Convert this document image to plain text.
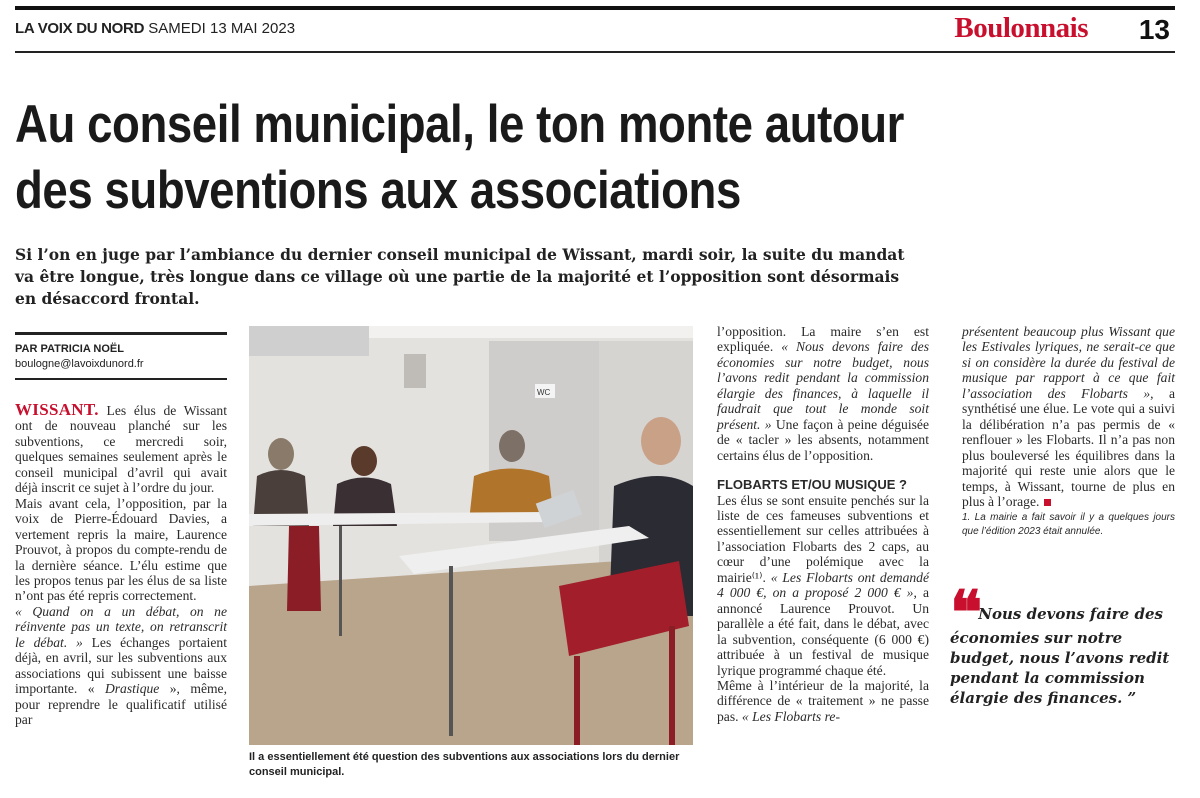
LA VOIX DU NORD SAMEDI 13 MAI 2023	Boulonnais 13
Au conseil municipal, le ton monte autour
des subventions aux associations
Si l’on en juge par l’ambiance du dernier conseil municipal de Wissant, mardi soir, la suite du mandat va être longue, très longue dans ce village où une partie de la majorité et l’opposition sont désormais en désaccord frontal.
PAR PATRICIA NOËL
boulogne@lavoixdunord.fr

WISSANT. Les élus de Wissant ont de nouveau planché sur les subventions, ce mercredi soir, quelques semaines seulement après le conseil municipal d’avril qui avait déjà inscrit ce sujet à l’ordre du jour.

Mais avant cela, l’opposition, par la voix de Pierre-Édouard Davies, a vertement repris la maire, Laurence Prouvot, à propos du compte-rendu de la dernière séance. L’élu estime que les propos tenus par les élus de sa liste n’ont pas été repris correctement.

« Quand on a un débat, on ne réinvente pas un texte, on retranscrit le débat. » Les échanges portaient déjà, en avril, sur les subventions aux associations qui subissent une baisse importante. « Drastique », même, pour reprendre le qualificatif utilisé par

WC
Il a essentiellement été question des subventions aux associations lors du dernier conseil municipal.

l’opposition. La maire s’en est expliquée. « Nous devons faire des économies sur notre budget, nous l’avons redit pendant la commission élargie des finances, à laquelle il faudrait que tout le monde soit présent. » Une façon à peine déguisée de « tacler » les absents, notamment certains élus de l’opposition.

FLOBARTS ET/OU MUSIQUE ?

Les élus se sont ensuite penchés sur la liste de ces fameuses subventions et essentiellement sur celles attribuées à l’association Flobarts des 2 caps, au cœur d’une polémique avec la mairie⁽¹⁾. « Les Flobarts ont demandé 4 000 €, on a proposé 2 000 € », a annoncé Laurence Prouvot. Un parallèle a été fait, dans le débat, avec la subvention, conséquente (6 000 €) attribuée à un festival de musique lyrique programmé chaque été.

Même à l’intérieur de la majorité, la différence de « traitement » ne passe pas. « Les Flobarts re-

présentent beaucoup plus Wissant que les Estivales lyriques, ne serait-ce que si on considère la durée du festival de musique par rapport à ce que fait l’association des Flobarts », a synthétisé une élue. Le vote qui a suivi la délibération n’a pas permis de « renflouer » les Flobarts. Il n’a pas non plus bouleversé les équilibres dans la majorité qui reste unie alors que le temps, à Wissant, tourne de plus en plus à l’orage.

1. La mairie a fait savoir il y a quelques jours que l’édition 2023 était annulée.

❝ Nous devons faire des économies sur notre budget, nous l’avons redit pendant la commission élargie des finances. ”
